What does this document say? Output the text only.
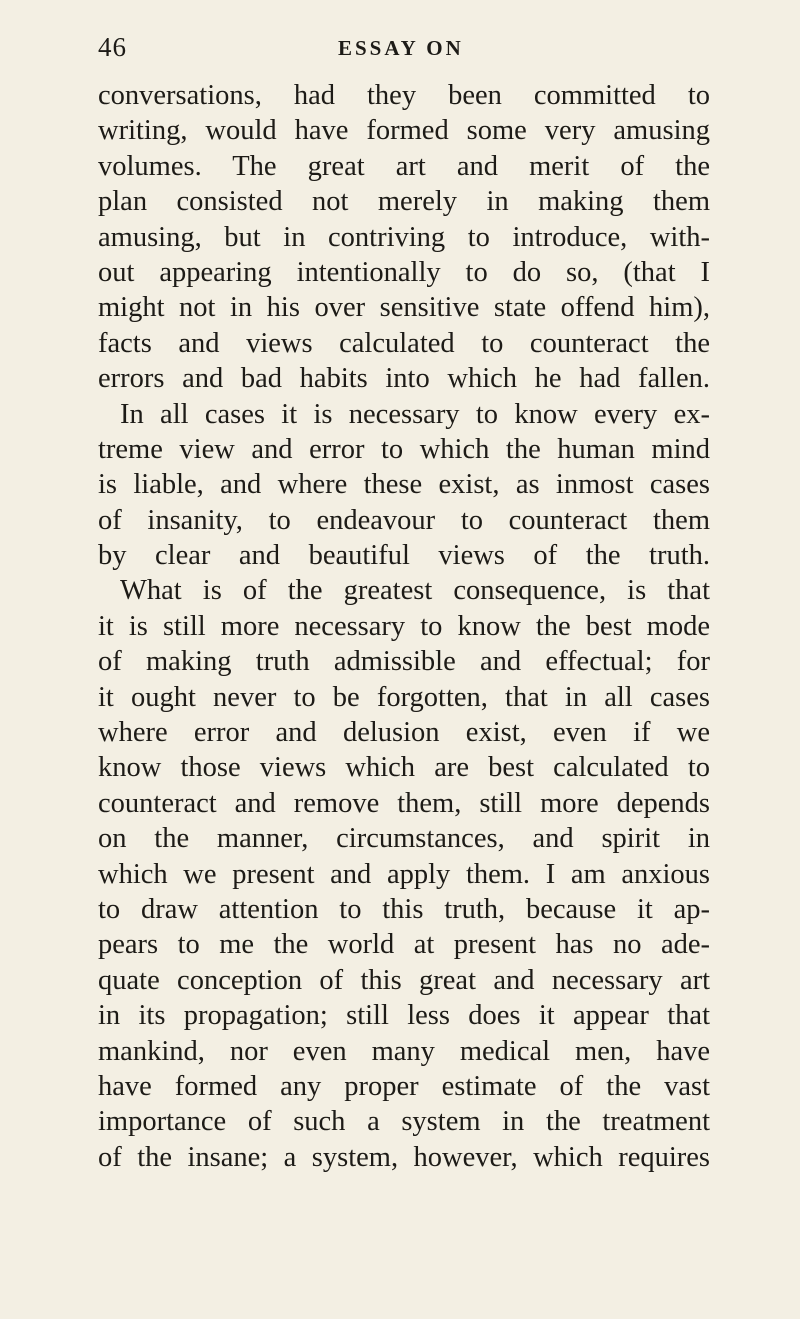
46	ESSAY ON
conversations, had they been committed to
writing, would have formed some very amusing
volumes. The great art and merit of the
plan consisted not merely in making them
amusing, but in contriving to introduce, with-
out appearing intentionally to do so, (that I
might not in his over sensitive state offend him),
facts and views calculated to counteract the
errors and bad habits into which he had fallen.
In all cases it is necessary to know every ex-
treme view and error to which the human mind
is liable, and where these exist, as inmost cases
of insanity, to endeavour to counteract them
by clear and beautiful views of the truth.
What is of the greatest consequence, is that
it is still more necessary to know the best mode
of making truth admissible and effectual; for
it ought never to be forgotten, that in all cases
where error and delusion exist, even if we
know those views which are best calculated to
counteract and remove them, still more depends
on the manner, circumstances, and spirit in
which we present and apply them. I am anxious
to draw attention to this truth, because it ap-
pears to me the world at present has no ade-
quate conception of this great and necessary art
in its propagation; still less does it appear that
mankind, nor even many medical men, have
have formed any proper estimate of the vast
importance of such a system in the treatment
of the insane; a system, however, which requires
